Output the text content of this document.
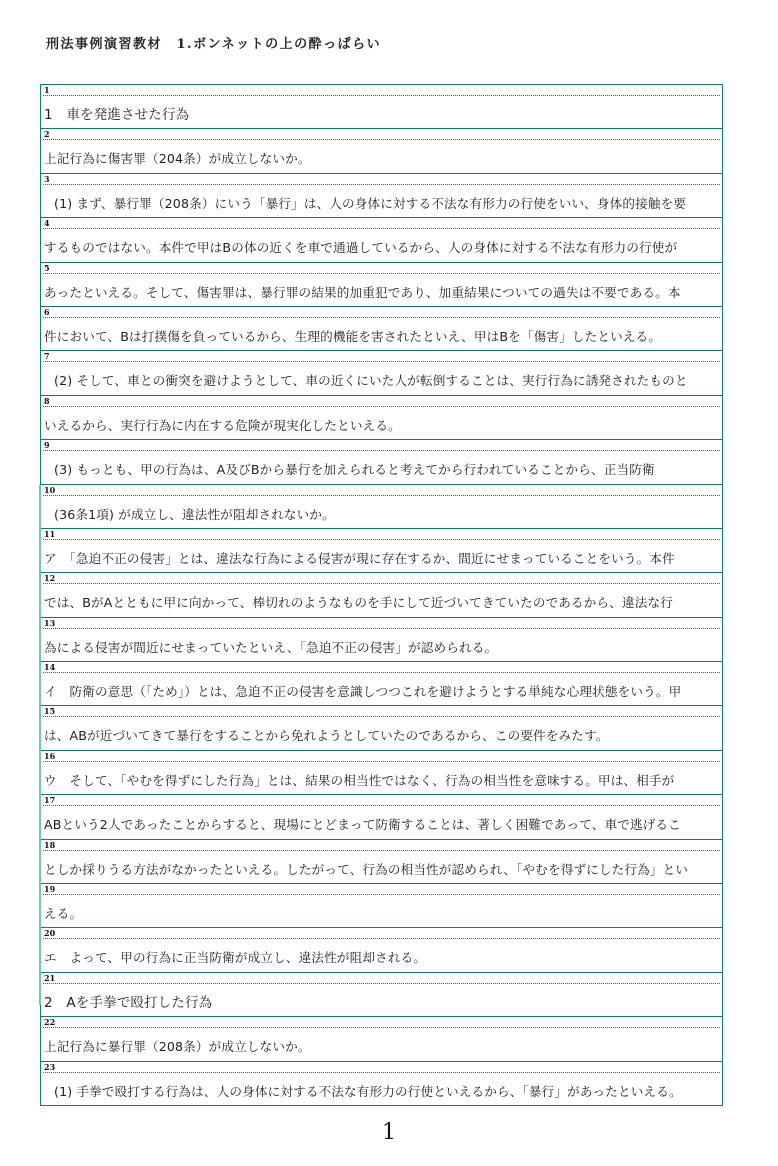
刑法事例演習教材　1.ボンネットの上の酔っぱらい
1
1　車を発進させた行為
2
上記行為に傷害罪（204条）が成立しないか。
3
(1) まず、暴行罪（208条）にいう「暴行」は、人の身体に対する不法な有形力の行使をいい、身体的接触を要
4
するものではない。本件で甲はBの体の近くを車で通過しているから、人の身体に対する不法な有形力の行使が
5
あったといえる。そして、傷害罪は、暴行罪の結果的加重犯であり、加重結果についての過失は不要である。本
6
件において、Bは打撲傷を負っているから、生理的機能を害されたといえ、甲はBを「傷害」したといえる。
7
(2) そして、車との衝突を避けようとして、車の近くにいた人が転倒することは、実行行為に誘発されたものと
8
いえるから、実行行為に内在する危険が現実化したといえる。
9
(3) もっとも、甲の行為は、A及びBから暴行を加えられると考えてから行われていることから、正当防衛
10
(36条1項) が成立し、違法性が阻却されないか。
11
ア　「急迫不正の侵害」とは、違法な行為による侵害が現に存在するか、間近にせまっていることをいう。本件
12
では、BがAとともに甲に向かって、棒切れのようなものを手にして近づいてきていたのであるから、違法な行
13
為による侵害が間近にせまっていたといえ、「急迫不正の侵害」が認められる。
14
イ　防衛の意思（「ため」）とは、急迫不正の侵害を意識しつつこれを避けようとする単純な心理状態をいう。甲
15
は、ABが近づいてきて暴行をすることから免れようとしていたのであるから、この要件をみたす。
16
ウ　そして、「やむを得ずにした行為」とは、結果の相当性ではなく、行為の相当性を意味する。甲は、相手が
17
ABという2人であったことからすると、現場にとどまって防衛することは、著しく困難であって、車で逃げるこ
18
としか採りうる方法がなかったといえる。したがって、行為の相当性が認められ、「やむを得ずにした行為」とい
19
える。
20
エ　よって、甲の行為に正当防衛が成立し、違法性が阻却される。
21
2　Aを手拳で殴打した行為
22
上記行為に暴行罪（208条）が成立しないか。
23
(1) 手拳で殴打する行為は、人の身体に対する不法な有形力の行使といえるから、「暴行」があったといえる。
1
